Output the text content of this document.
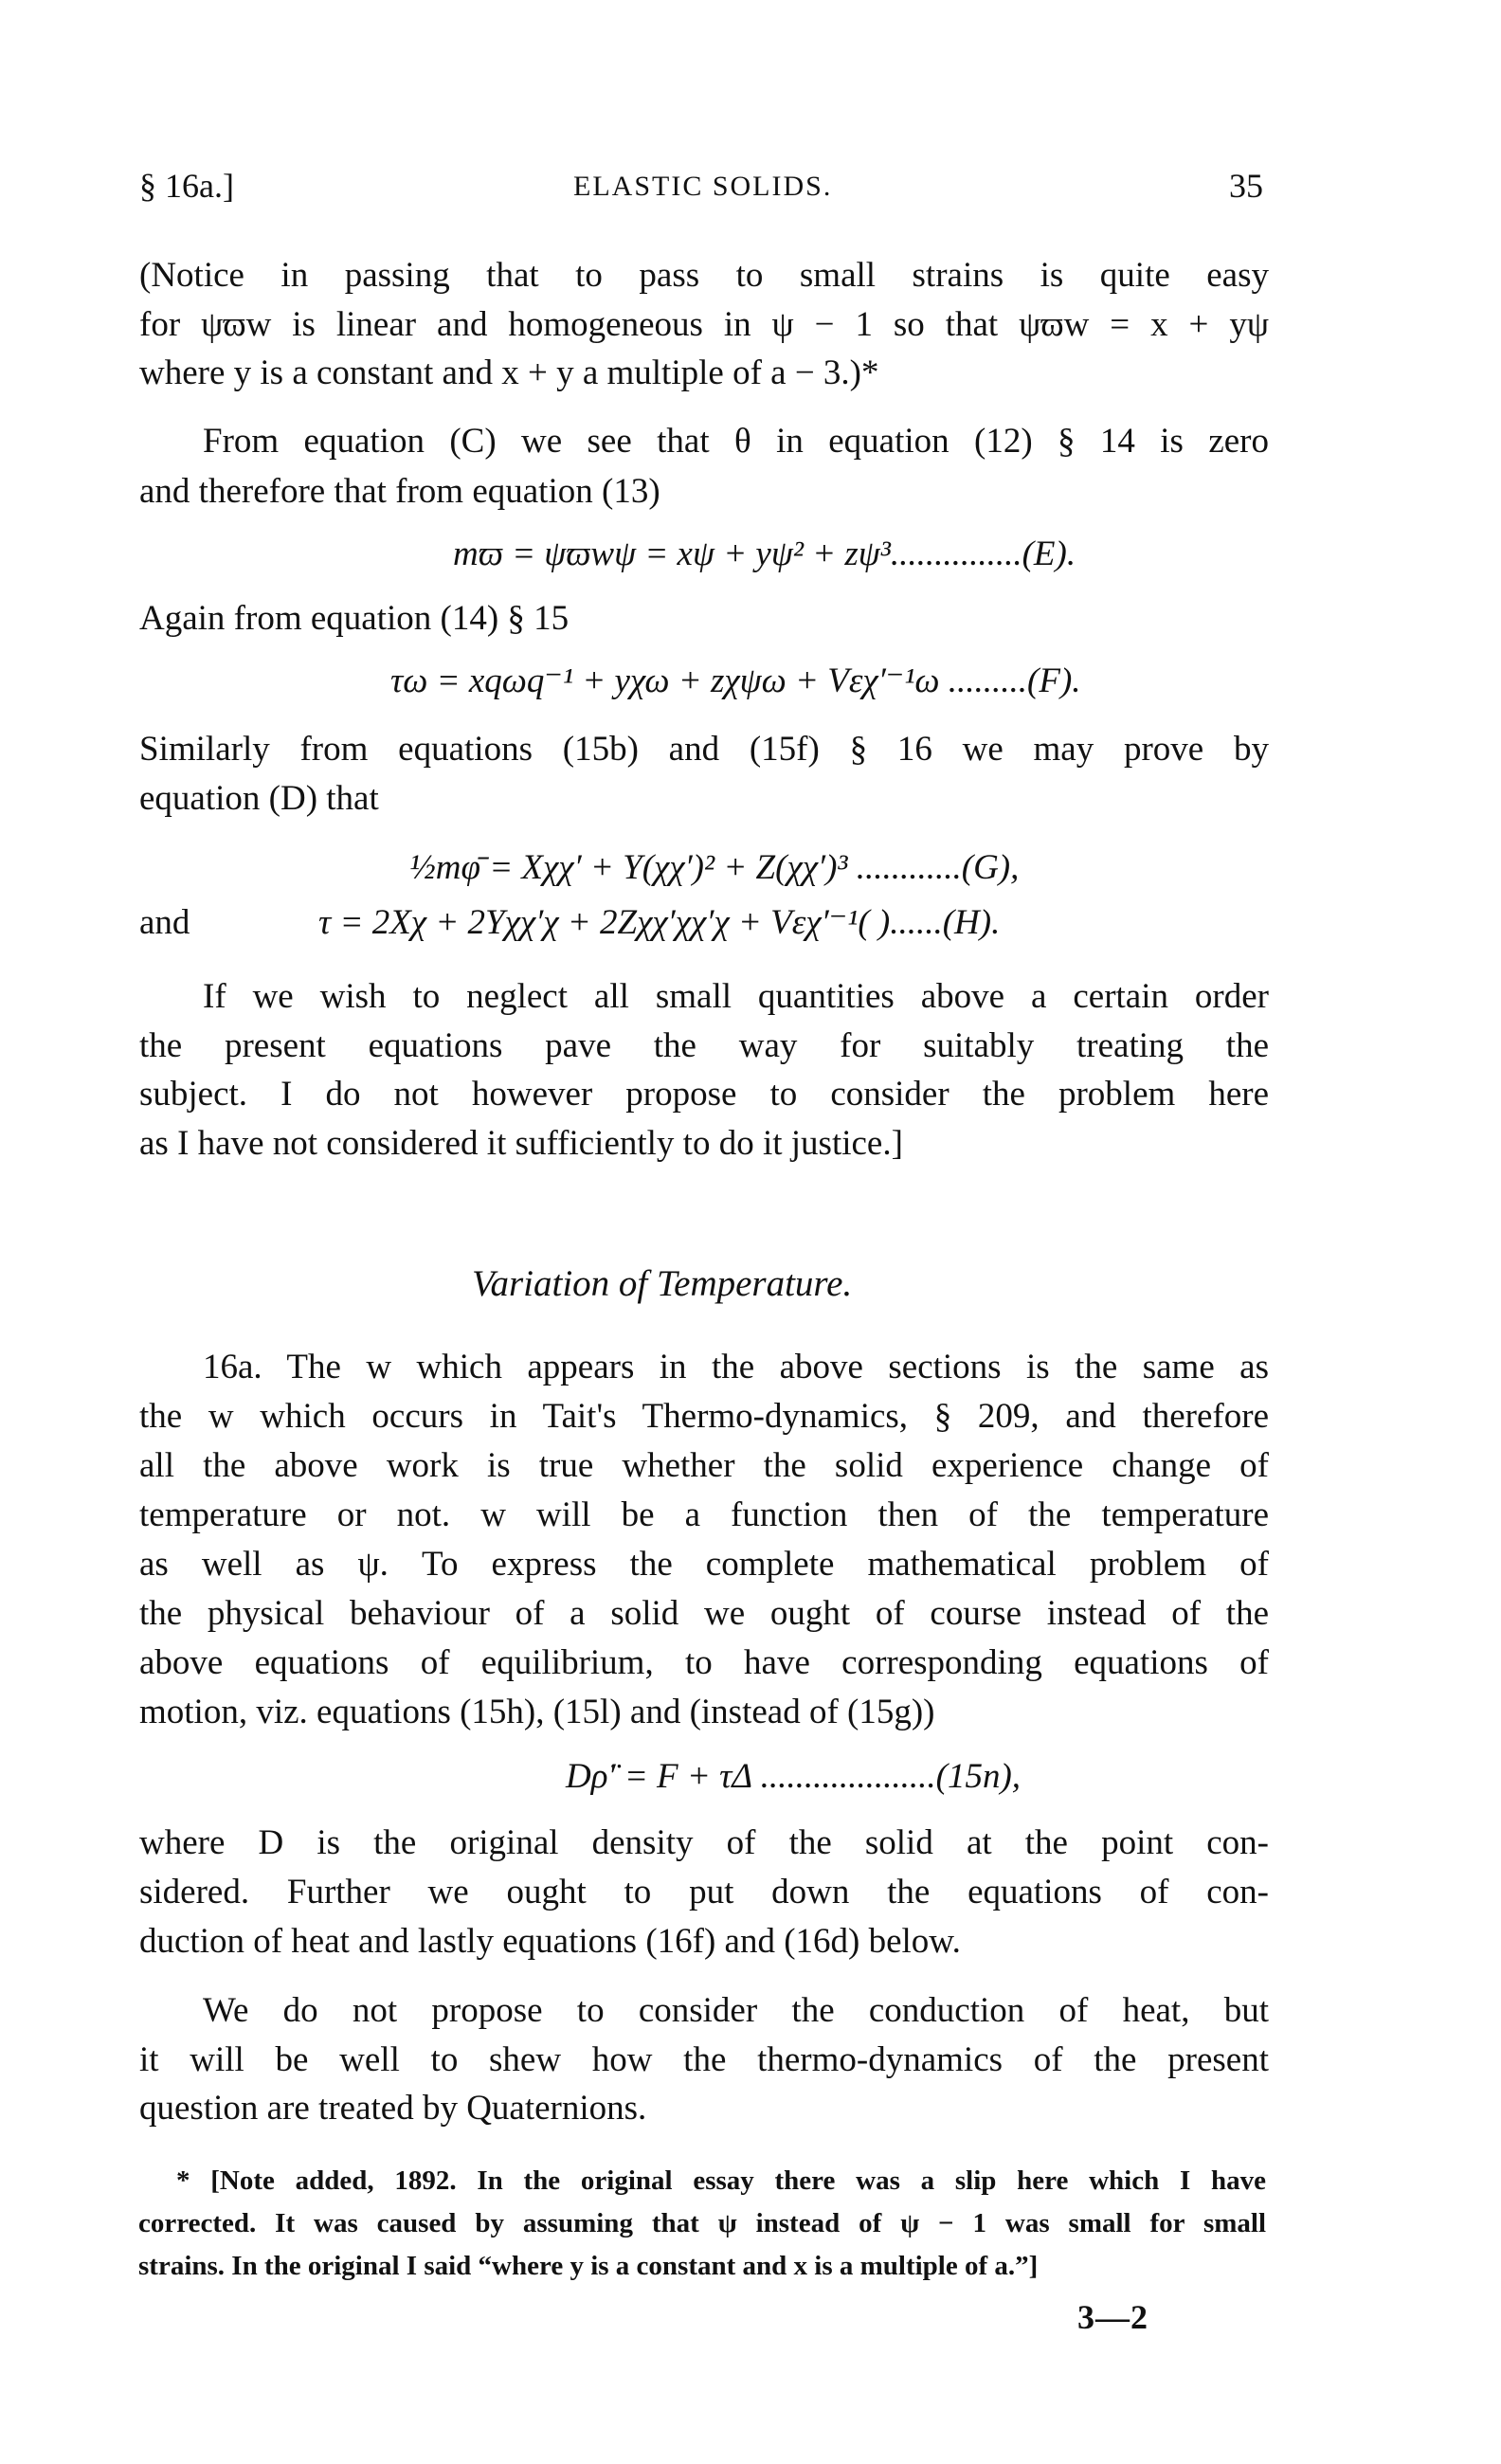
§ 16a.]	ELASTIC SOLIDS.	35
(Notice in passing that to pass to small strains is quite easy
for ψϖw is linear and homogeneous in ψ − 1 so that ψϖw = x + yψ
where y is a constant and x + y a multiple of a − 3.)*
From equation (C) we see that θ in equation (12) § 14 is zero
and therefore that from equation (13)
mϖ = ψϖwψ = xψ + yψ² + zψ³...............(E).
Again from equation (14) § 15
τω = xqωq⁻¹ + yχω + zχψω + Vεχ′⁻¹ω .........(F).
Similarly from equations (15b) and (15f) § 16 we may prove by
equation (D) that
½mφ̄ = Xχχ′ + Y(χχ′)² + Z(χχ′)³ ............(G),
and	τ = 2Xχ + 2Yχχ′χ + 2Zχχ′χχ′χ + Vεχ′⁻¹( )......(H).
If we wish to neglect all small quantities above a certain order
the present equations pave the way for suitably treating the
subject. I do not however propose to consider the problem here
as I have not considered it sufficiently to do it justice.]
Variation of Temperature.
16a. The w which appears in the above sections is the same as
the w which occurs in Tait's Thermo-dynamics, § 209, and therefore
all the above work is true whether the solid experience change of
temperature or not. w will be a function then of the temperature
as well as ψ. To express the complete mathematical problem of
the physical behaviour of a solid we ought of course instead of the
above equations of equilibrium, to have corresponding equations of
motion, viz. equations (15h), (15l) and (instead of (15g))
Dρ̈′ = F + τΔ ....................(15n),
where D is the original density of the solid at the point con-
sidered. Further we ought to put down the equations of con-
duction of heat and lastly equations (16f) and (16d) below.
We do not propose to consider the conduction of heat, but
it will be well to shew how the thermo-dynamics of the present
question are treated by Quaternions.
* [Note added, 1892. In the original essay there was a slip here which I have
corrected. It was caused by assuming that ψ instead of ψ − 1 was small for small
strains. In the original I said “where y is a constant and x is a multiple of a.”]
3—2
